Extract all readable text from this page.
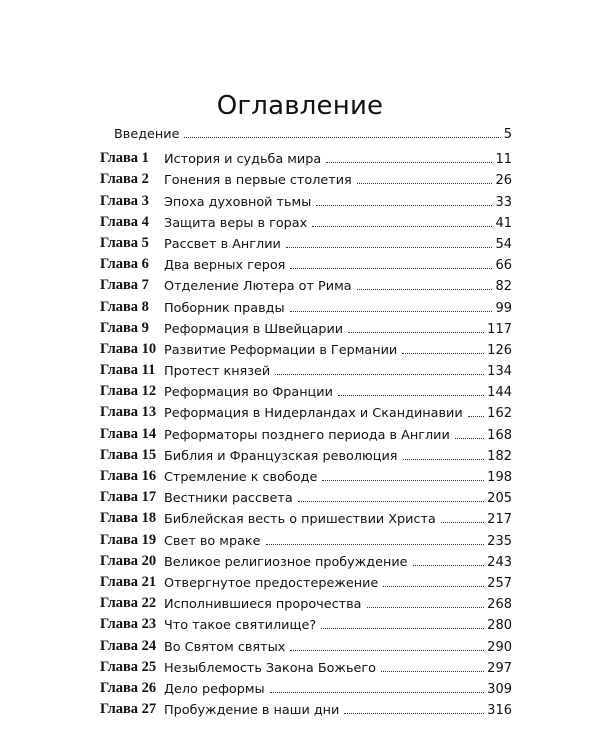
Оглавление
Введение	5
Глава 1	История и судьба мира	11
Глава 2	Гонения в первые столетия	26
Глава 3	Эпоха духовной тьмы	33
Глава 4	Защита веры в горах	41
Глава 5	Рассвет в Англии	54
Глава 6	Два верных героя	66
Глава 7	Отделение Лютера от Рима	82
Глава 8	Поборник правды	99
Глава 9	Реформация в Швейцарии	117
Глава 10 Развитие Реформации в Германии	126
Глава 11 Протест князей	134
Глава 12 Реформация во Франции	144
Глава 13 Реформация в Нидерландах и Скандинавии 162
Глава 14 Реформаторы позднего периода в Англии	168
Глава 15 Библия и Французская революция	182
Глава 16 Стремление к свободе	198
Глава 17 Вестники рассвета	205
Глава 18 Библейская весть о пришествии Христа	217
Глава 19 Свет во мраке	235
Глава 20 Великое религиозное пробуждение	243
Глава 21 Отвергнутое предостережение	257
Глава 22 Исполнившиеся пророчества	268
Глава 23 Что такое святилище?	280
Глава 24 Во Святом святых	290
Глава 25 Незыблемость Закона Божьего	297
Глава 26 Дело реформы	309
Глава 27 Пробуждение в наши дни	316
